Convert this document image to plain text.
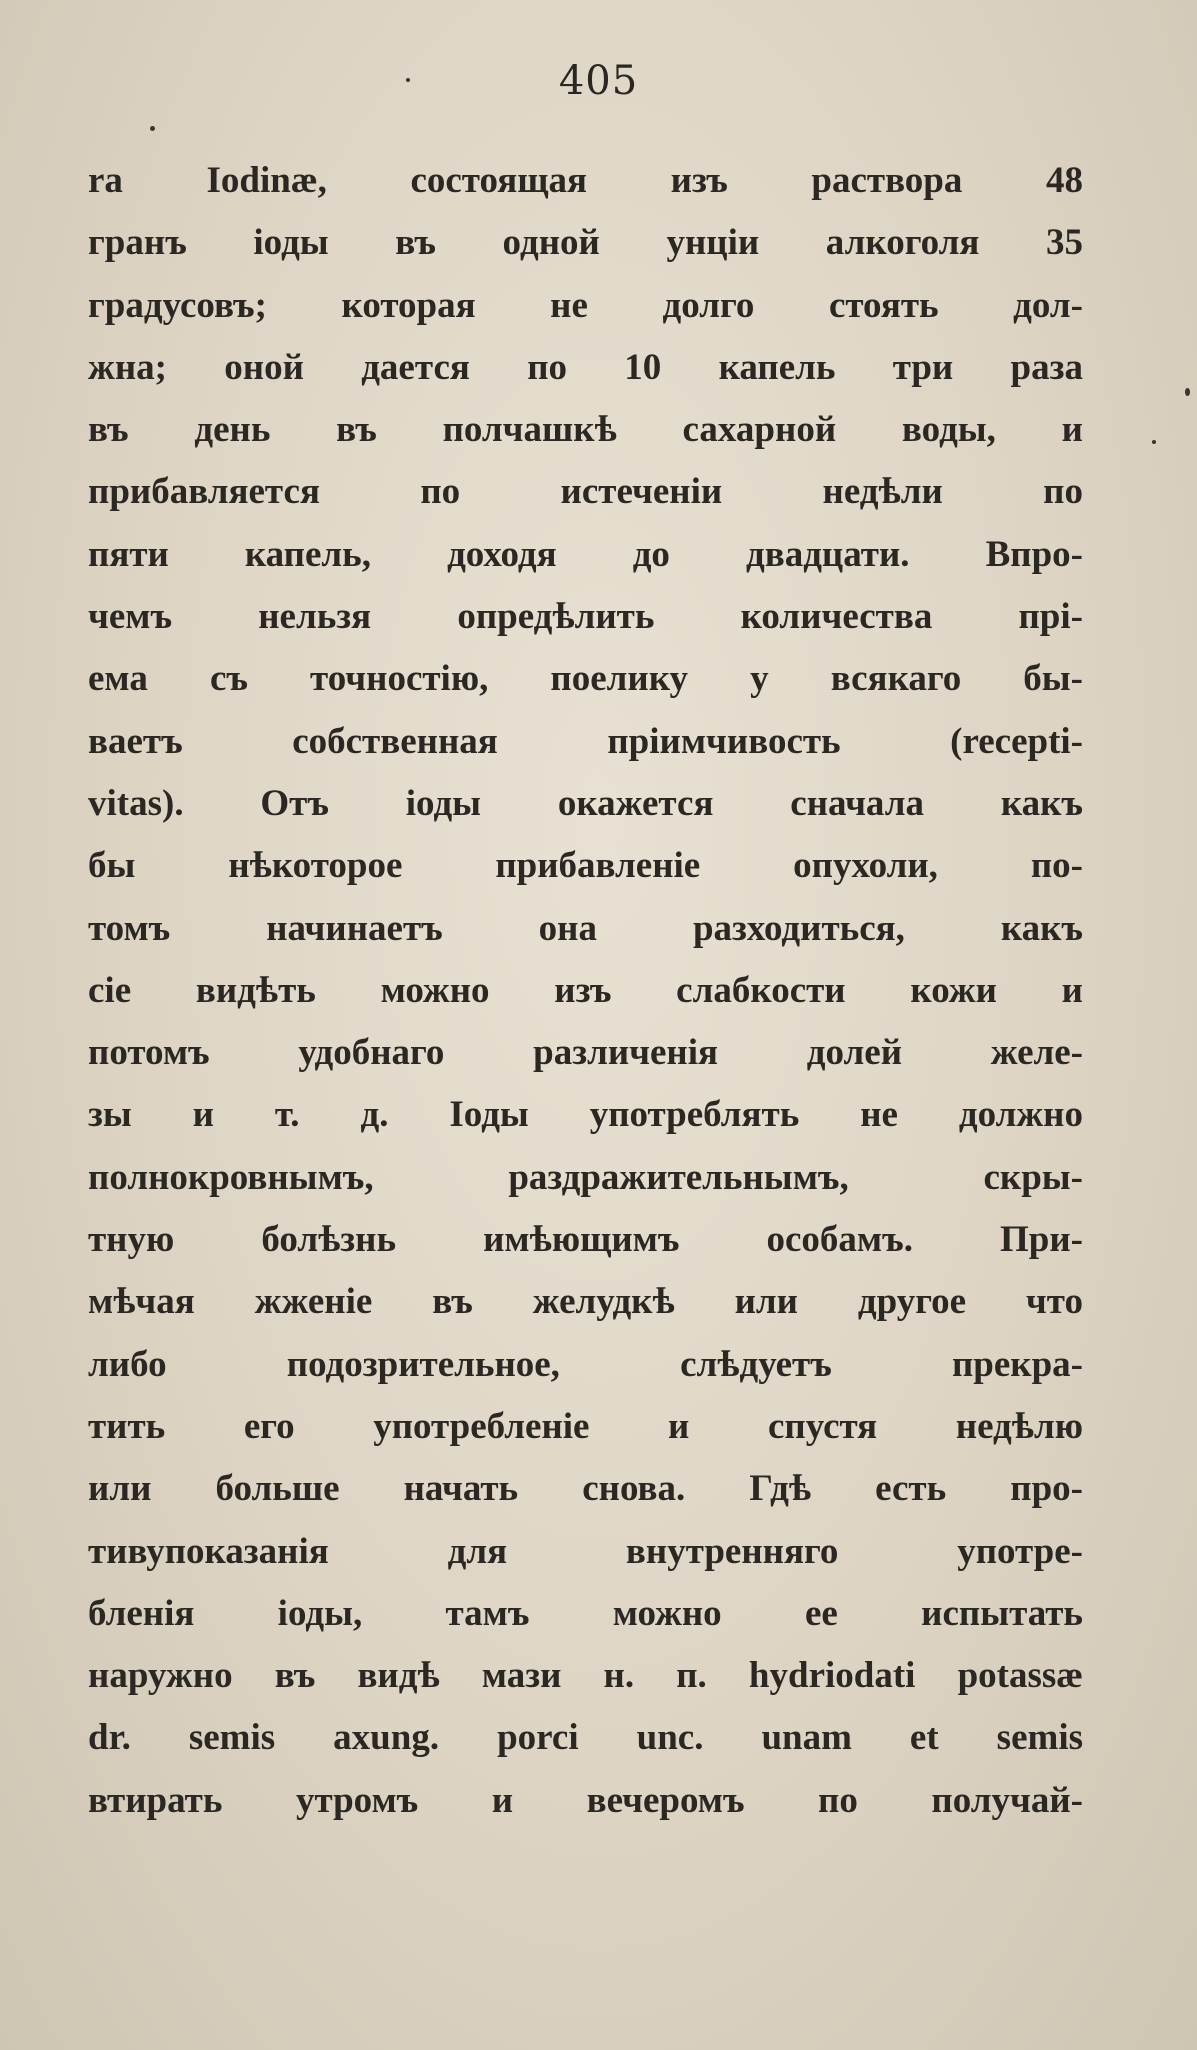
405
ra Iodinæ, состоящая изъ раствора 48
гранъ іоды въ одной унціи алкоголя 35
градусовъ; которая не долго стоять дол-
жна; оной дается по 10 капель три раза
въ день въ полчашкѣ сахарной воды, и
прибавляется по истеченіи недѣли по
пяти капель, доходя до двадцати. Впро-
чемъ нельзя опредѣлить количества прі-
ема съ точностію, поелику у всякаго бы-
ваетъ собственная пріимчивость (recepti-
vitas). Отъ іоды окажется сначала какъ
бы нѣкоторое прибавленіе опухоли, по-
томъ начинаетъ она разходиться, какъ
сіе видѣть можно изъ слабкости кожи и
потомъ удобнаго различенія долей желе-
зы и т. д. Іоды употреблять не должно
полнокровнымъ, раздражительнымъ, скры-
тную болѣзнь имѣющимъ особамъ. При-
мѣчая жженіе въ желудкѣ или другое что
либо подозрительное, слѣдуетъ прекра-
тить его употребленіе и спустя недѣлю
или больше начать снова. Гдѣ есть про-
тивупоказанія для внутренняго употре-
бленія іоды, тамъ можно ее испытать
наружно въ видѣ мази н. п. hydriodati potassæ
dr. semis axung. porci unc. unam et semis
втирать утромъ и вечеромъ по получай-
